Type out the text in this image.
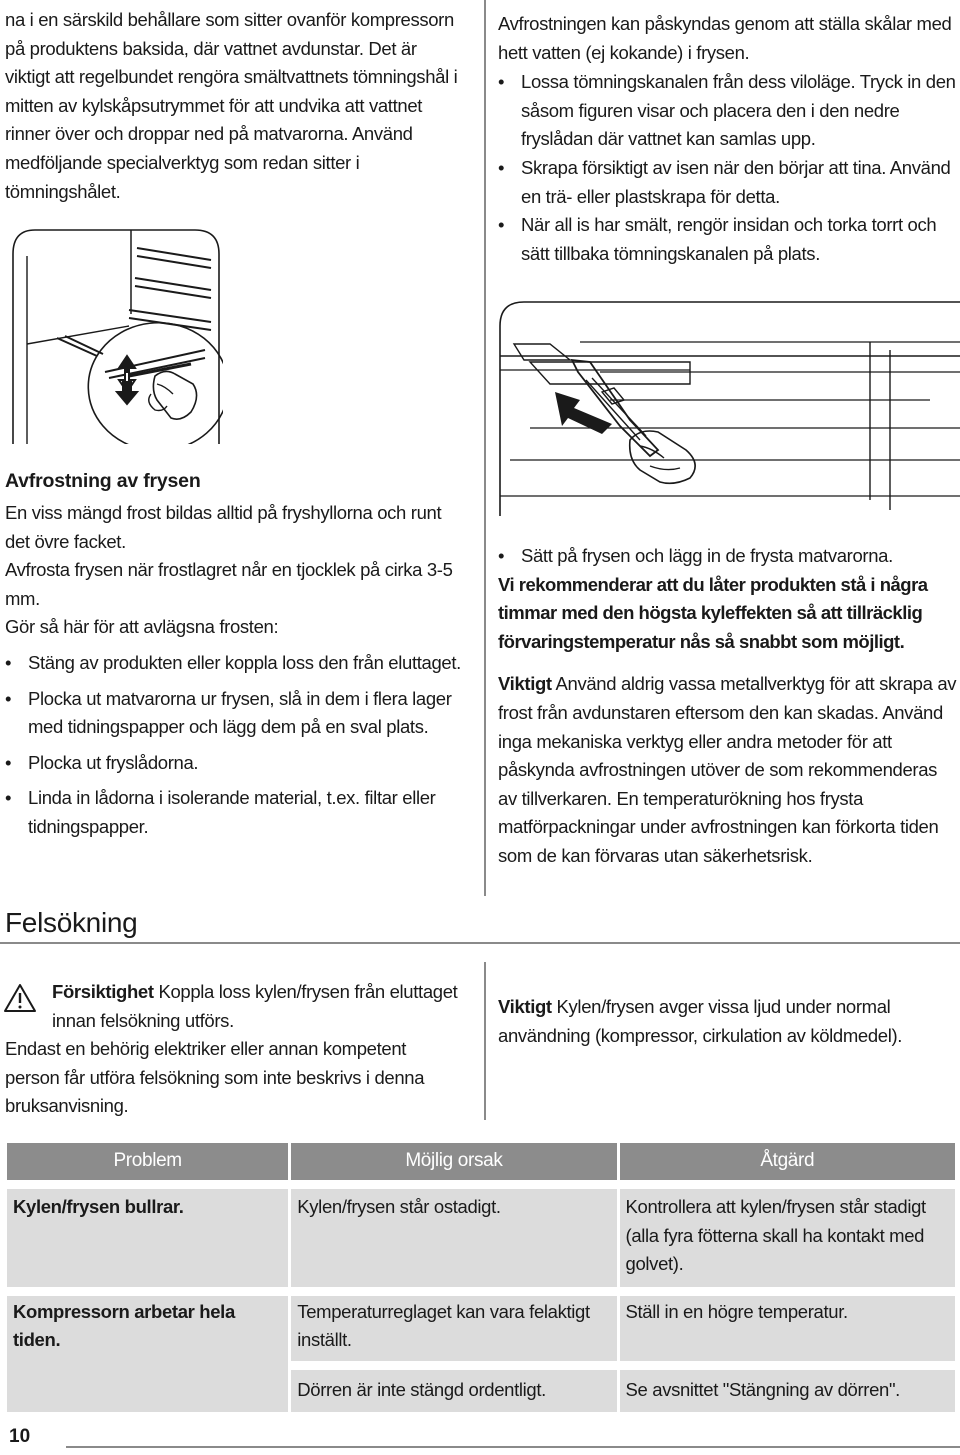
na i en särskild behållare som sitter ovanför kompressorn på produktens baksida, där vattnet avdunstar. Det är viktigt att regelbundet rengöra smältvattnets tömningshål i mitten av kylskåpsutrymmet för att undvika att vattnet rinner över och droppar ned på matvarorna. Använd medföljande specialverktyg som redan sitter i tömningshålet.

Avfrostningen kan påskyndas genom att ställa skålar med hett vatten (ej kokande) i frysen.

• Lossa tömningskanalen från dess viloläge. Tryck in den såsom figuren visar och placera den i den nedre fryslådan där vattnet kan samlas upp.
• Skrapa försiktigt av isen när den börjar att tina. Använd en trä- eller plastskrapa för detta.
• När all is har smält, rengör insidan och torka torrt och sätt tillbaka tömningskanalen på plats.
Avfrostning av frysen

En viss mängd frost bildas alltid på fryshyllorna och runt det övre facket.

Avfrosta frysen när frostlagret når en tjocklek på cirka 3-5 mm.

Gör så här för att avlägsna frosten:

• Stäng av produkten eller koppla loss den från eluttaget.
• Plocka ut matvarorna ur frysen, slå in dem i flera lager med tidningspapper och lägg dem på en sval plats.
• Plocka ut fryslådorna.
• Linda in lådorna i isolerande material, t.ex. filtar eller tidningspapper.
• Sätt på frysen och lägg in de frysta matvarorna.

Vi rekommenderar att du låter produkten stå i några timmar med den högsta kyleffekten så att tillräcklig förvaringstemperatur nås så snabbt som möjligt.

Viktigt Använd aldrig vassa metallverktyg för att skrapa av frost från avdunstaren eftersom den kan skadas. Använd inga mekaniska verktyg eller andra metoder för att påskynda avfrostningen utöver de som rekommenderas av tillverkaren. En temperaturökning hos frysta matförpackningar under avfrostningen kan förkorta tiden som de kan förvaras utan säkerhetsrisk.

Felsökning

Försiktighet Koppla loss kylen/frysen från eluttaget innan felsökning utförs.

Endast en behörig elektriker eller annan kompetent person får utföra felsökning som inte beskrivs i denna bruksanvisning.

Viktigt Kylen/frysen avger vissa ljud under normal användning (kompressor, cirkulation av köldmedel).

Problem	Möjlig orsak	Åtgärd

Kylen/frysen bullrar.	Kylen/frysen står ostadigt.	Kontrollera att kylen/frysen står stadigt (alla fyra fötterna skall ha kontakt med golvet).

Kompressorn arbetar hela tiden.	Temperaturreglaget kan vara felaktigt inställt.	Ställ in en högre temperatur.

	Dörren är inte stängd ordentligt.	Se avsnittet "Stängning av dörren".
10
